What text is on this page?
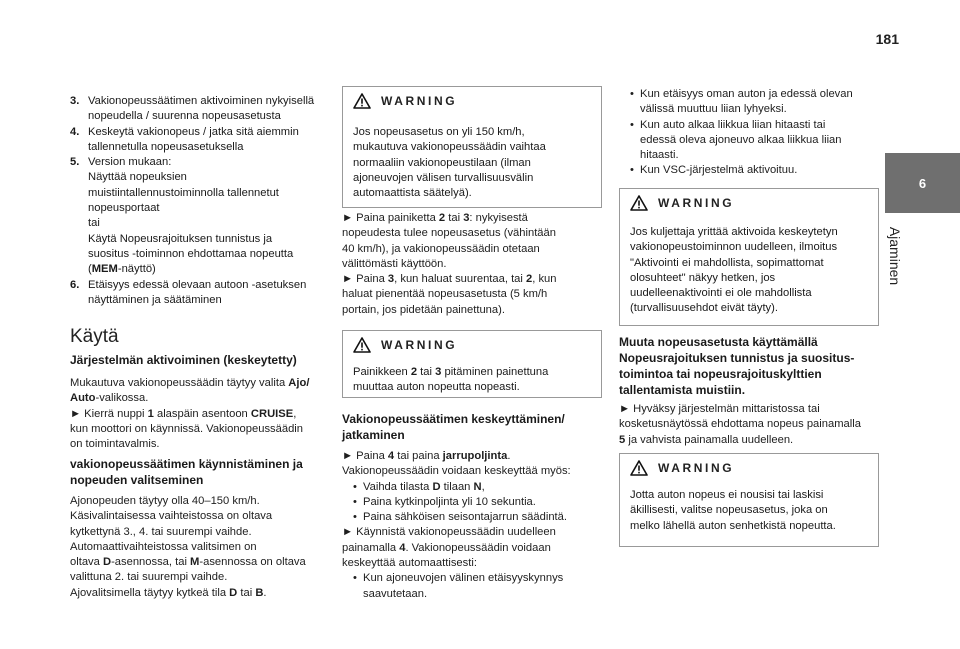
181
6
Ajaminen
3. Vakionopeussäätimen aktivoiminen nykyisellä
nopeudella / suurenna nopeusasetusta
4. Keskeytä vakionopeus / jatka sitä aiemmin
tallennetulla nopeusasetuksella
5. Version mukaan:
Näyttää nopeuksien
muistiintallennustoiminnolla tallennetut
nopeusportaat
tai
Käytä Nopeusrajoituksen tunnistus ja
suositus -toiminnon ehdottamaa nopeutta
(MEM-näyttö)
6. Etäisyys edessä olevaan autoon -asetuksen
näyttäminen ja säätäminen
Käytä
Järjestelmän aktivoiminen (keskeytetty)
Mukautuva vakionopeussäädin täytyy valita Ajo/
Auto-valikossa.
► Kierrä nuppi 1 alaspäin asentoon CRUISE,
kun moottori on käynnissä. Vakionopeussäädin
on toimintavalmis.
vakionopeussäätimen käynnistäminen ja
nopeuden valitseminen
Ajonopeuden täytyy olla 40–150 km/h.
Käsivalintaisessa vaihteistossa on oltava
kytkettynä 3., 4. tai suurempi vaihde.
Automaattivaihteistossa valitsimen on
oltava D-asennossa, tai M-asennossa on oltava
valittuna 2. tai suurempi vaihde.
Ajovalitsimella täytyy kytkeä tila D tai B.
WARNING
Jos nopeusasetus on yli 150 km/h,
mukautuva vakionopeussäädin vaihtaa
normaaliin vakionopeustilaan (ilman
ajoneuvojen välisen turvallisuusvälin
automaattista säätelyä).
► Paina painiketta 2 tai 3: nykyisestä
nopeudesta tulee nopeusasetus (vähintään
40 km/h), ja vakionopeussäädin otetaan
välittömästi käyttöön.
► Paina 3, kun haluat suurentaa, tai 2, kun
haluat pienentää nopeusasetusta (5 km/h
portain, jos pidetään painettuna).
WARNING
Painikkeen 2 tai 3 pitäminen painettuna
muuttaa auton nopeutta nopeasti.
Vakionopeussäätimen keskeyttäminen/
jatkaminen
► Paina 4 tai paina jarrupoljinta.
Vakionopeussäädin voidaan keskeyttää myös:
• Vaihda tilasta D tilaan N,
• Paina kytkinpoljinta yli 10 sekuntia.
• Paina sähköisen seisontajarrun säädintä.
► Käynnistä vakionopeussäädin uudelleen
painamalla 4. Vakionopeussäädin voidaan
keskeyttää automaattisesti:
• Kun ajoneuvojen välinen etäisyyskynnys
saavutetaan.
• Kun etäisyys oman auton ja edessä olevan
välissä muuttuu liian lyhyeksi.
• Kun auto alkaa liikkua liian hitaasti tai
edessä oleva ajoneuvo alkaa liikkua liian
hitaasti.
• Kun VSC-järjestelmä aktivoituu.
WARNING
Jos kuljettaja yrittää aktivoida keskeytetyn
vakionopeustoiminnon uudelleen, ilmoitus
"Aktivointi ei mahdollista, sopimattomat
olosuhteet" näkyy hetken, jos
uudelleenaktivointi ei ole mahdollista
(turvallisuusehdot eivät täyty).
Muuta nopeusasetusta käyttämällä
Nopeusrajoituksen tunnistus ja suositus-
toimintoa tai nopeusrajoituskylttien
tallentamista muistiin.
► Hyväksy järjestelmän mittaristossa tai
kosketusnäytössä ehdottama nopeus painamalla
5 ja vahvista painamalla uudelleen.
WARNING
Jotta auton nopeus ei nousisi tai laskisi
äkillisesti, valitse nopeusasetus, joka on
melko lähellä auton senhetkistä nopeutta.
